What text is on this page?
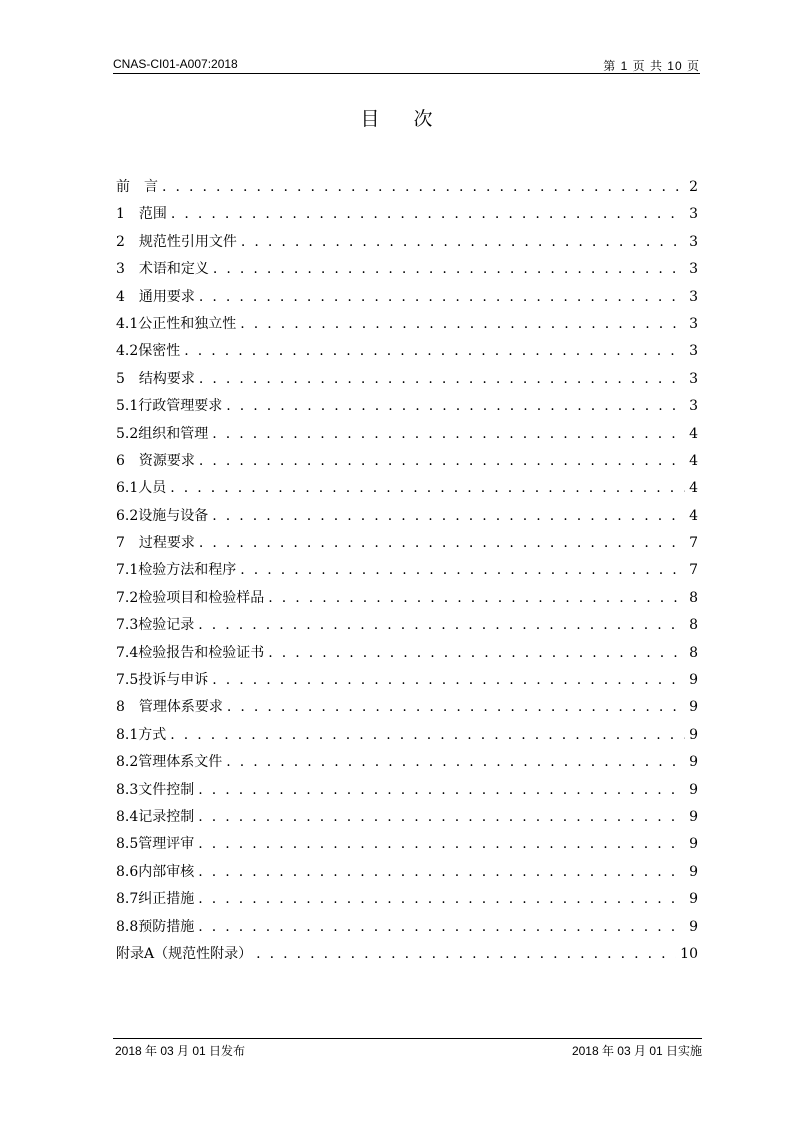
CNAS-CI01-A007:2018	第 1 页 共 10 页
目 次
前 　言 . . .	2
1 　范围 . . .	3
2 　规范性引用文件 . . .	3
3 　术语和定义 . . .	3
4 　通用要求 . . .	3
4.1 公正性和独立性 . . .	3
4.2 保密性 . . .	3
5 　结构要求 . . .	3
5.1 行政管理要求 . . .	3
5.2 组织和管理 . . .	4
6 　资源要求 . . .	4
6.1 人员 . . .	4
6.2 设施与设备 . . .	4
7 　过程要求 . . .	7
7.1 检验方法和程序 . . .	7
7.2 检验项目和检验样品 . . .	8
7.3 检验记录 . . .	8
7.4 检验报告和检验证书 . . .	8
7.5 投诉与申诉 . . .	9
8 　管理体系要求 . . .	9
8.1 方式 . . .	9
8.2 管理体系文件 . . .	9
8.3 文件控制 . . .	9
8.4 记录控制 . . .	9
8.5 管理评审 . . .	9
8.6 内部审核 . . .	9
8.7 纠正措施 . . .	9
8.8 预防措施 . . .	9
附录 A（规范性附录） . . .	10
2018 年 03 月 01 日发布	2018 年 03 月 01 日实施
